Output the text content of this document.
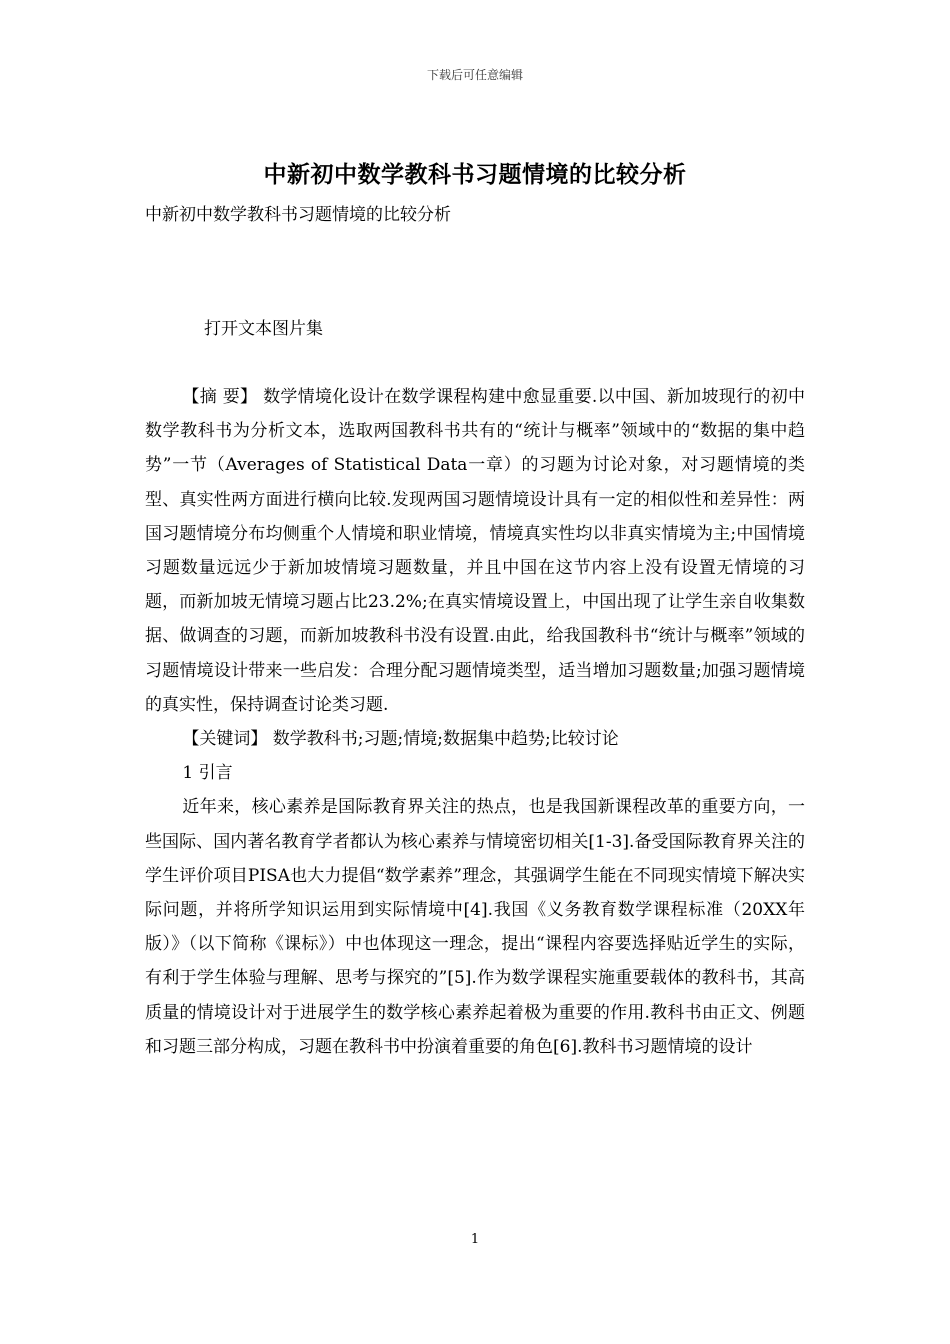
下载后可任意编辑
中新初中数学教科书习题情境的比较分析
中新初中数学教科书习题情境的比较分析
打开文本图片集

【摘 要】 数学情境化设计在数学课程构建中愈显重要.以中国、新加坡现行的初中数学教科书为分析文本，选取两国教科书共有的“统计与概率”领域中的“数据的集中趋势”一节（Averages of Statistical Data一章）的习题为讨论对象，对习题情境的类型、真实性两方面进行横向比较.发现两国习题情境设计具有一定的相似性和差异性：两国习题情境分布均侧重个人情境和职业情境，情境真实性均以非真实情境为主;中国情境习题数量远远少于新加坡情境习题数量，并且中国在这节内容上没有设置无情境的习题，而新加坡无情境习题占比23.2%;在真实情境设置上，中国出现了让学生亲自收集数据、做调查的习题，而新加坡教科书没有设置.由此，给我国教科书“统计与概率”领域的习题情境设计带来一些启发：合理分配习题情境类型，适当增加习题数量;加强习题情境的真实性，保持调查讨论类习题.

【关键词】 数学教科书;习题;情境;数据集中趋势;比较讨论

1 引言

近年来，核心素养是国际教育界关注的热点，也是我国新课程改革的重要方向，一些国际、国内著名教育学者都认为核心素养与情境密切相关[1-3].备受国际教育界关注的学生评价项目PISA也大力提倡“数学素养”理念，其强调学生能在不同现实情境下解决实际问题，并将所学知识运用到实际情境中[4].我国《义务教育数学课程标准（20XX年版）》（以下简称《课标》）中也体现这一理念，提出“课程内容要选择贴近学生的实际，有利于学生体验与理解、思考与探究的”[5].作为数学课程实施重要载体的教科书，其高质量的情境设计对于进展学生的数学核心素养起着极为重要的作用.教科书由正文、例题和习题三部分构成，习题在教科书中扮演着重要的角色[6].教科书习题情境的设计

1
